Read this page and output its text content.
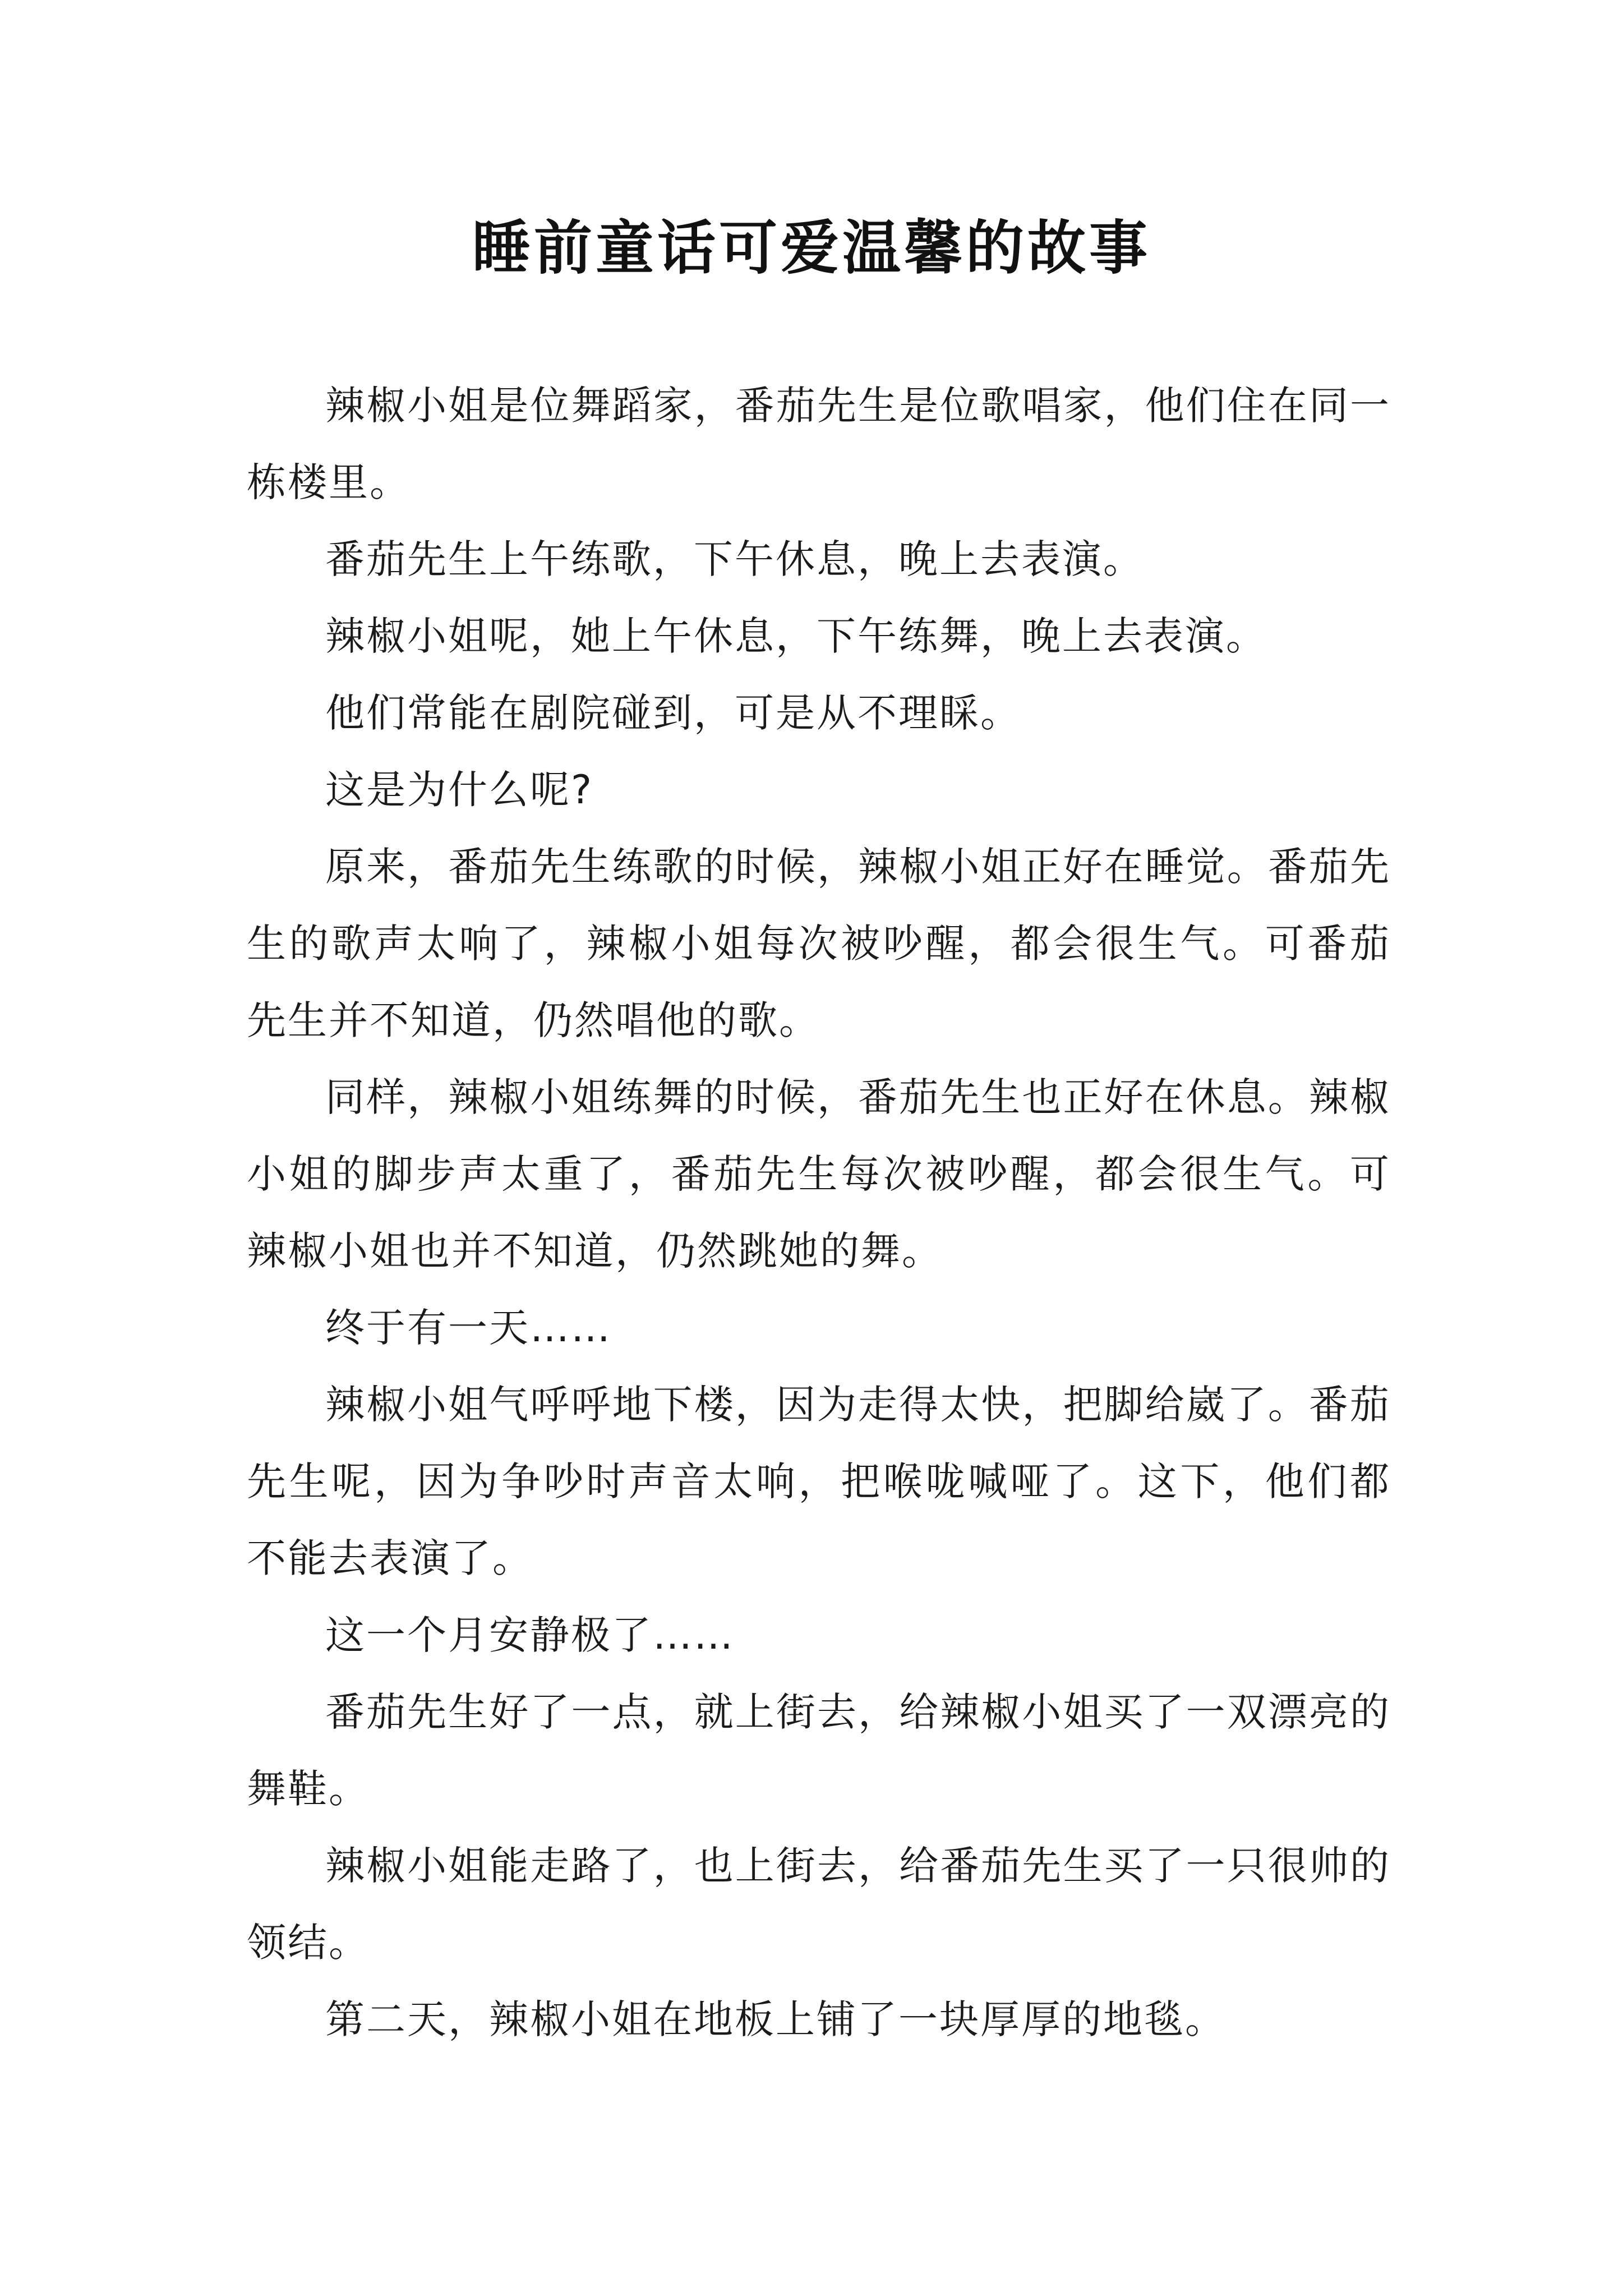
睡前童话可爱温馨的故事

辣椒小姐是位舞蹈家，番茄先生是位歌唱家，他们住在同一栋楼里。

番茄先生上午练歌，下午休息，晚上去表演。

辣椒小姐呢，她上午休息，下午练舞，晚上去表演。

他们常能在剧院碰到，可是从不理睬。

这是为什么呢?

原来，番茄先生练歌的时候，辣椒小姐正好在睡觉。番茄先生的歌声太响了，辣椒小姐每次被吵醒，都会很生气。可番茄先生并不知道，仍然唱他的歌。

同样，辣椒小姐练舞的时候，番茄先生也正好在休息。辣椒小姐的脚步声太重了，番茄先生每次被吵醒，都会很生气。可辣椒小姐也并不知道，仍然跳她的舞。

终于有一天……

辣椒小姐气呼呼地下楼，因为走得太快，把脚给崴了。番茄先生呢，因为争吵时声音太响，把喉咙喊哑了。这下，他们都不能去表演了。

这一个月安静极了……

番茄先生好了一点，就上街去，给辣椒小姐买了一双漂亮的舞鞋。

辣椒小姐能走路了，也上街去，给番茄先生买了一只很帅的领结。

第二天，辣椒小姐在地板上铺了一块厚厚的地毯。
